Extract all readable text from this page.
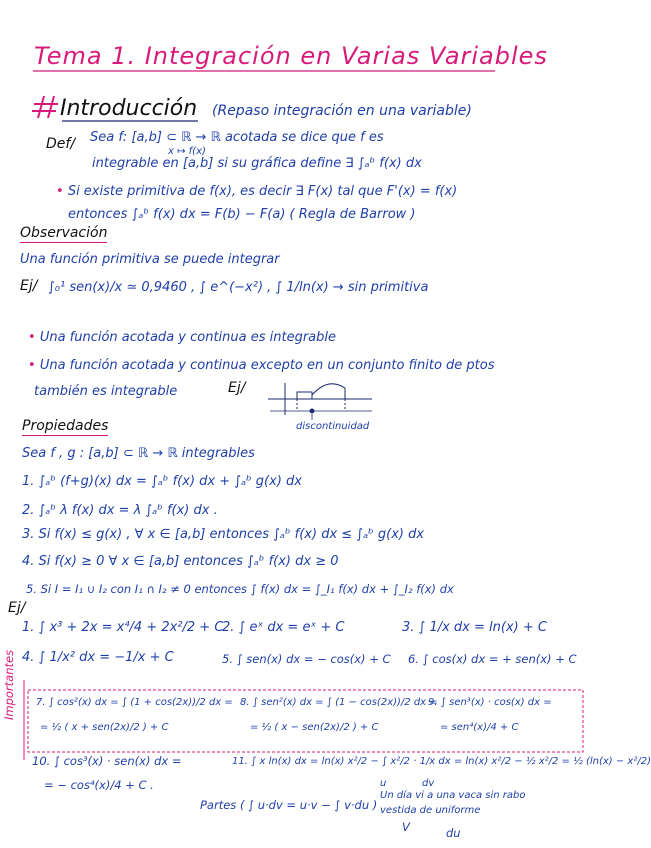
Tema 1. Integración en Varias Variables
Introducción (Repaso integración en una variable)
Def/ Sea f: [a,b] ⊂ ℝ → ℝ acotada se dice que f es
x ↦ f(x)
integrable en [a,b] si su gráfica define ∃ ∫ₐᵇ f(x) dx
• Si existe primitiva de f(x), es decir ∃ F(x) tal que F'(x) = f(x)
entonces ∫ₐᵇ f(x) dx = F(b) − F(a) ( Regla de Barrow )
Observación
Una función primitiva se puede integrar
Ej/ ∫₀¹ sen(x)/x ≃ 0,9460 , ∫ e^(−x²) , ∫ 1/ln(x) → sin primitiva
• Una función acotada y continua es integrable
• Una función acotada y continua excepto en un conjunto finito de ptos
también es integrable	Ej/
discontinuidad
Propiedades
Sea f , g : [a,b] ⊂ ℝ → ℝ integrables
1. ∫ₐᵇ (f+g)(x) dx = ∫ₐᵇ f(x) dx + ∫ₐᵇ g(x) dx
2. ∫ₐᵇ λ f(x) dx = λ ∫ₐᵇ f(x) dx .
3. Si f(x) ≤ g(x) , ∀ x ∈ [a,b] entonces ∫ₐᵇ f(x) dx ≤ ∫ₐᵇ g(x) dx
4. Si f(x) ≥ 0 ∀ x ∈ [a,b] entonces ∫ₐᵇ f(x) dx ≥ 0
5. Si I = I₁ ∪ I₂ con I₁ ∩ I₂ ≠ 0 entonces ∫ f(x) dx = ∫_I₁ f(x) dx + ∫_I₂ f(x) dx
Ej/
Importantes
1. ∫ x³ + 2x = x⁴/4 + 2x²/2 + C
2. ∫ eˣ dx = eˣ + C	3. ∫ 1/x dx = ln(x) + C
4. ∫ 1/x² dx = −1/x + C	5. ∫ sen(x) dx = − cos(x) + C 6. ∫ cos(x) dx = + sen(x) + C
7. ∫ cos²(x) dx = ∫ (1 + cos(2x))/2 dx =
= ½ ( x + sen(2x)/2 ) + C
8. ∫ sen²(x) dx = ∫ (1 − cos(2x))/2 dx =
= ½ ( x − sen(2x)/2 ) + C
9. ∫ sen³(x) · cos(x) dx =
= sen⁴(x)/4 + C
10. ∫ cos³(x) · sen(x) dx =
= − cos⁴(x)/4 + C .
11. ∫ x ln(x) dx = ln(x) x²/2 − ∫ x²/2 · 1/x dx = ln(x) x²/2 − ½ x²/2 = ½ (ln(x) − x²/2)
Partes ( ∫ u·dv = u·v − ∫ v·du )
Un día vi a una vaca sin rabo
vestida de uniforme
u	dv
V	du
